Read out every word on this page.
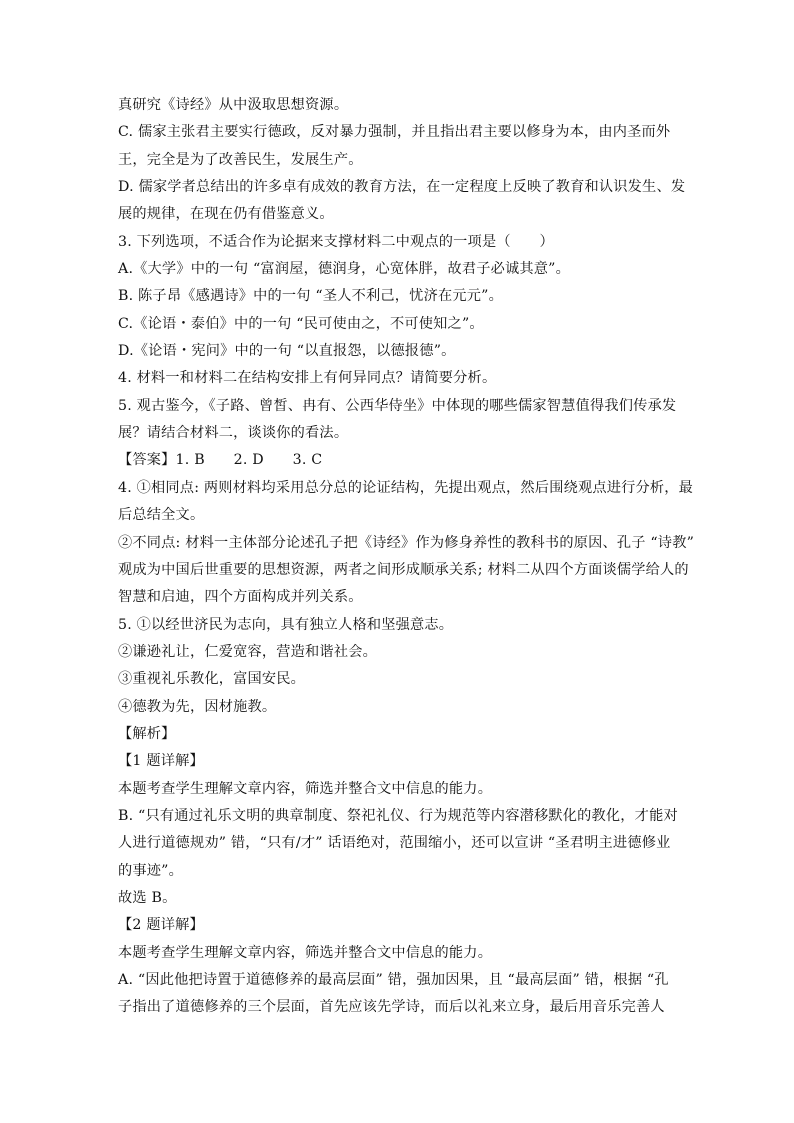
真研究《诗经》从中汲取思想资源。
C. 儒家主张君主要实行德政，反对暴力强制，并且指出君主要以修身为本，由内圣而外
王，完全是为了改善民生，发展生产。
D. 儒家学者总结出的许多卓有成效的教育方法，在一定程度上反映了教育和认识发生、发
展的规律，在现在仍有借鉴意义。
3. 下列选项，不适合作为论据来支撑材料二中观点的一项是（　　）
A.《大学》中的一句 “富润屋，德润身，心宽体胖，故君子必诚其意”。
B. 陈子昂《感遇诗》中的一句 “圣人不利己，忧济在元元”。
C.《论语・泰伯》中的一句 “民可使由之，不可使知之”。
D.《论语・宪问》中的一句 “以直报怨，以德报德”。
4. 材料一和材料二在结构安排上有何异同点？请简要分析。
5. 观古鉴今，《子路、曾皙、冉有、公西华侍坐》中体现的哪些儒家智慧值得我们传承发
展？请结合材料二，谈谈你的看法。
【答案】1. B　　2. D　　3. C
4. ①相同点: 两则材料均采用总分总的论证结构，先提出观点，然后围绕观点进行分析，最
后总结全文。
②不同点: 材料一主体部分论述孔子把《诗经》作为修身养性的教科书的原因、孔子 “诗教”
观成为中国后世重要的思想资源，两者之间形成顺承关系; 材料二从四个方面谈儒学给人的
智慧和启迪，四个方面构成并列关系。
5. ①以经世济民为志向，具有独立人格和坚强意志。
②谦逊礼让，仁爱宽容，营造和谐社会。
③重视礼乐教化，富国安民。
④德教为先，因材施教。
【解析】
【1 题详解】
本题考查学生理解文章内容，筛选并整合文中信息的能力。
B. “只有通过礼乐文明的典章制度、祭祀礼仪、行为规范等内容潜移默化的教化，才能对
人进行道德规劝” 错，“只有/才” 话语绝对，范围缩小，还可以宣讲 “圣君明主进德修业
的事迹”。
故选 B。
【2 题详解】
本题考查学生理解文章内容，筛选并整合文中信息的能力。
A. “因此他把诗置于道德修养的最高层面” 错，强加因果，且 “最高层面” 错，根据 “孔
子指出了道德修养的三个层面，首先应该先学诗，而后以礼来立身，最后用音乐完善人
